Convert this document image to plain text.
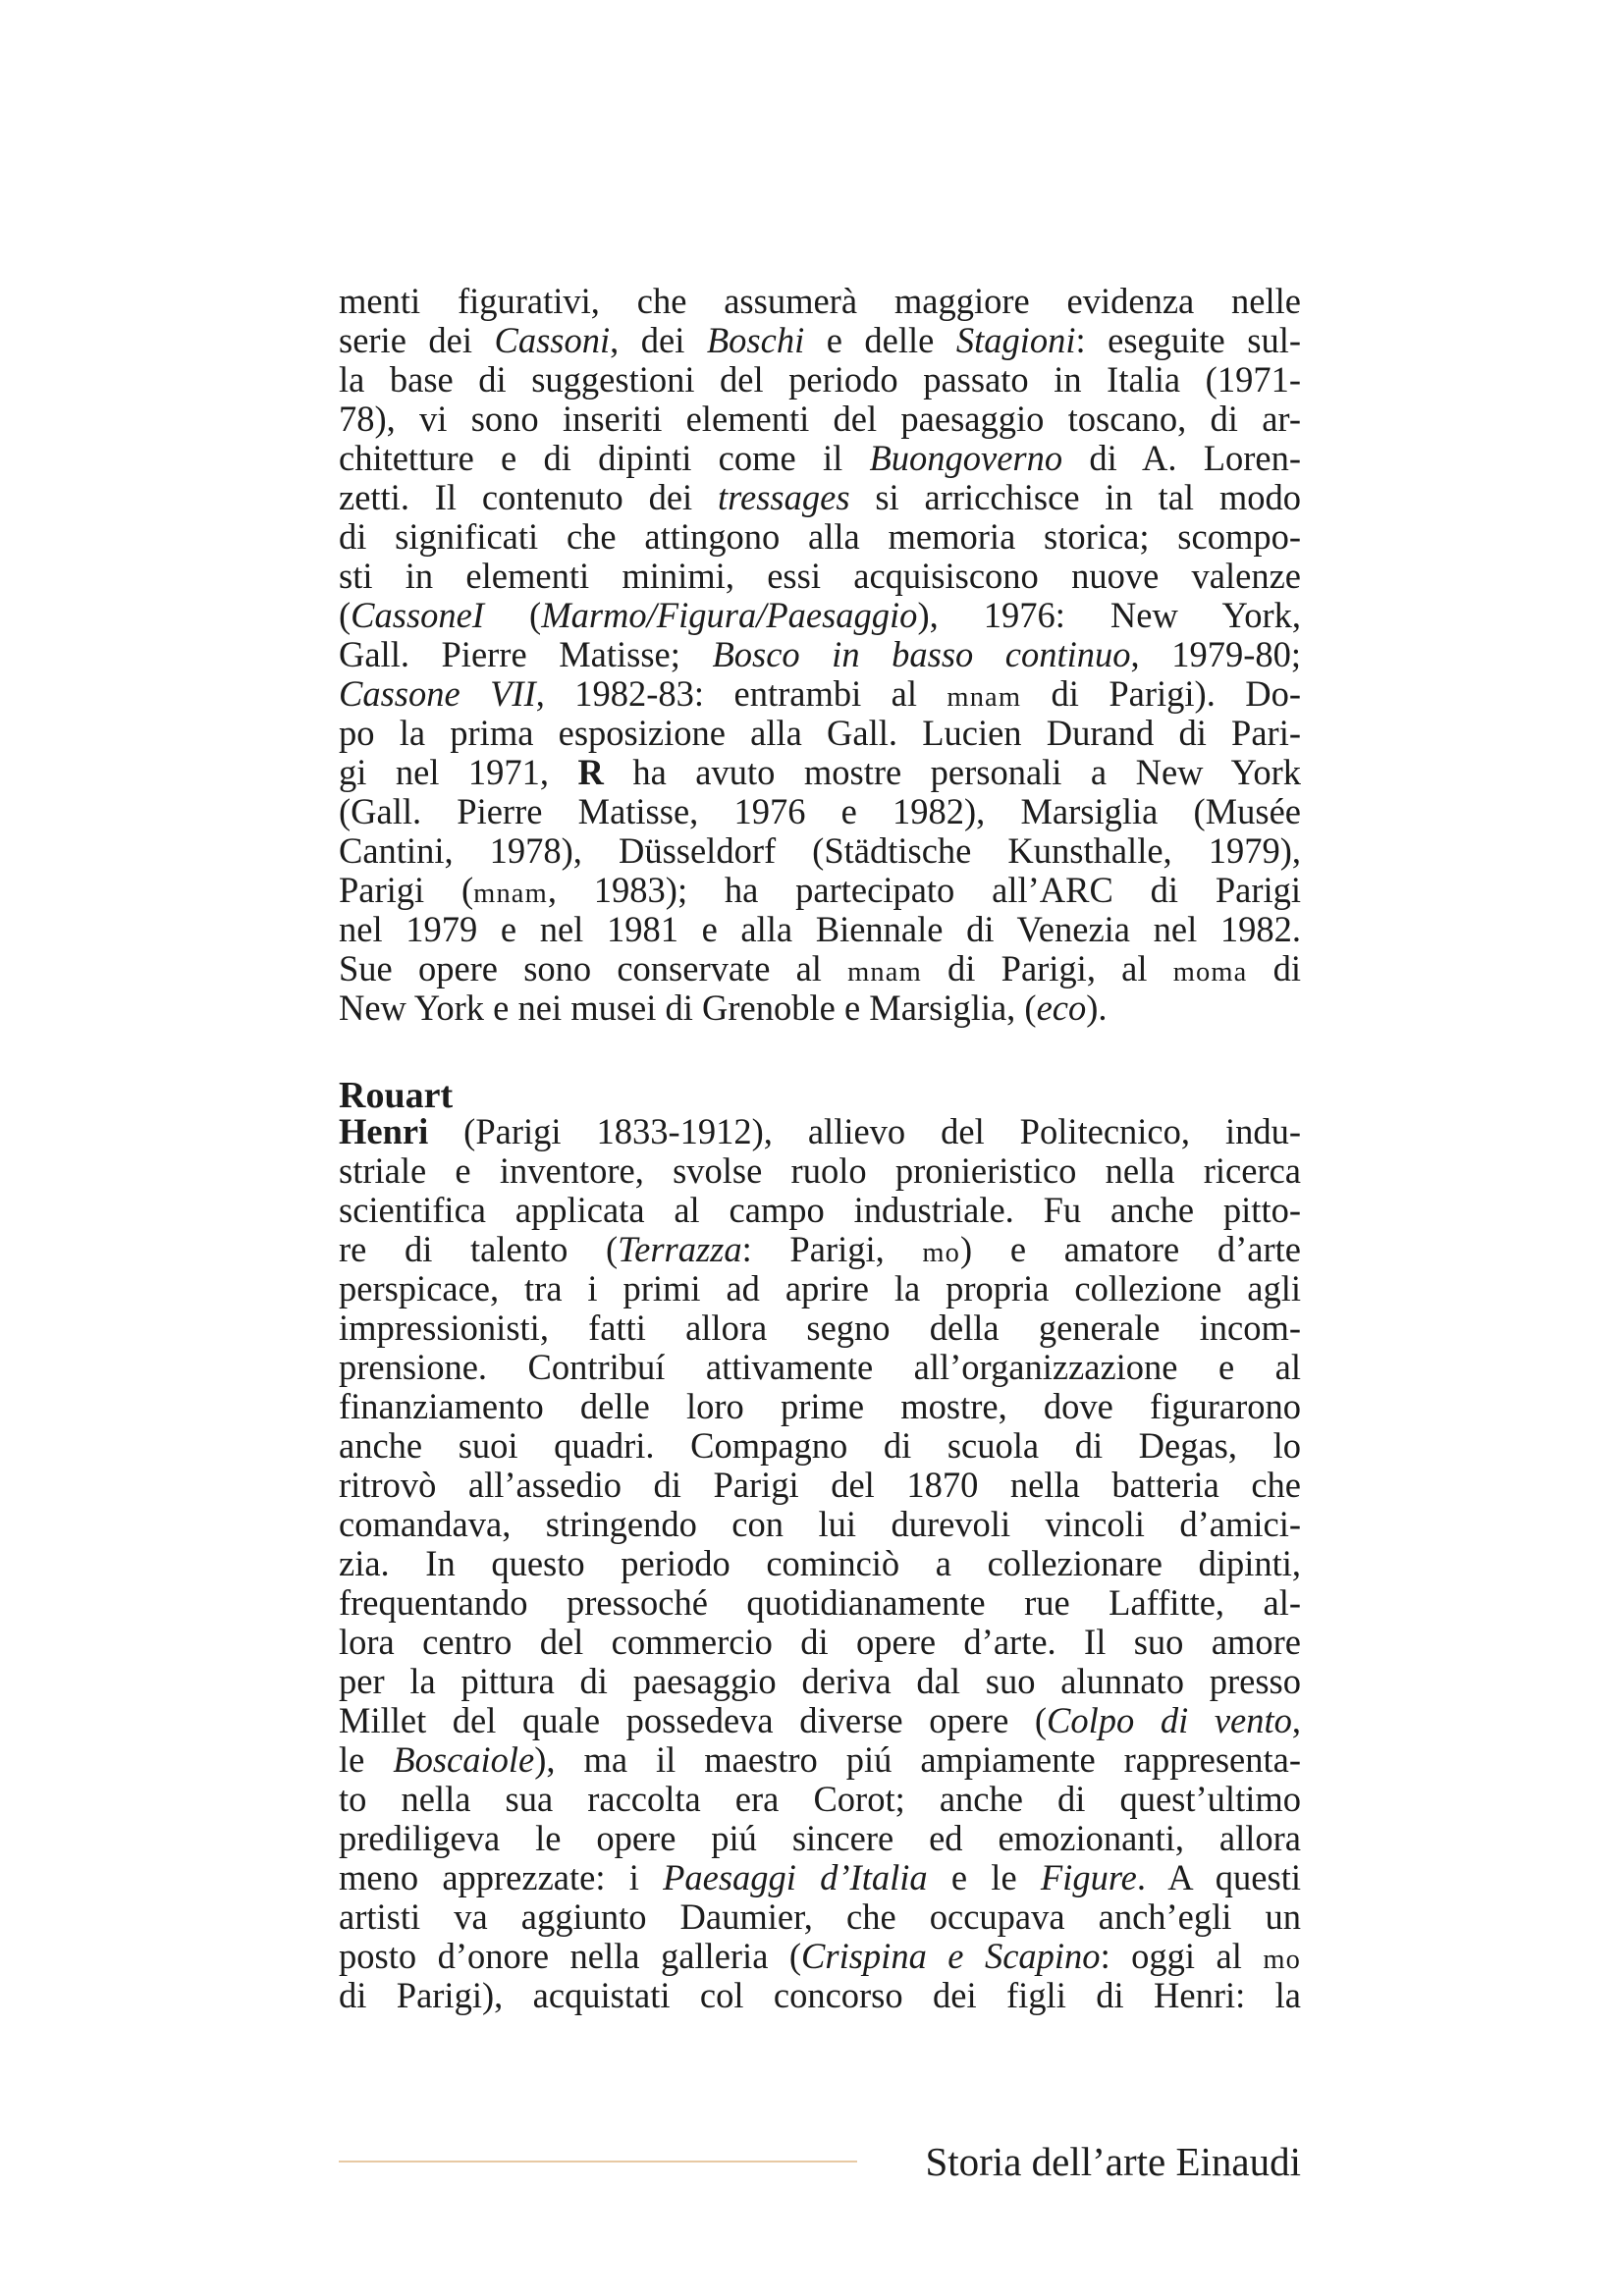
menti figurativi, che assumerà maggiore evidenza nelle
serie dei Cassoni, dei Boschi e delle Stagioni: eseguite sul-
la base di suggestioni del periodo passato in Italia (1971-
78), vi sono inseriti elementi del paesaggio toscano, di ar-
chitetture e di dipinti come il Buongoverno di A. Loren-
zetti. Il contenuto dei tressages si arricchisce in tal modo
di significati che attingono alla memoria storica; scompo-
sti in elementi minimi, essi acquisiscono nuove valenze
(CassoneI (Marmo/Figura/Paesaggio), 1976: New York,
Gall. Pierre Matisse; Bosco in basso continuo, 1979-80;
Cassone VII, 1982-83: entrambi al mnam di Parigi). Do-
po la prima esposizione alla Gall. Lucien Durand di Pari-
gi nel 1971, R ha avuto mostre personali a New York
(Gall. Pierre Matisse, 1976 e 1982), Marsiglia (Musée
Cantini, 1978), Düsseldorf (Städtische Kunsthalle, 1979),
Parigi (mnam, 1983); ha partecipato all’ARC di Parigi
nel 1979 e nel 1981 e alla Biennale di Venezia nel 1982.
Sue opere sono conservate al mnam di Parigi, al moma di
New York e nei musei di Grenoble e Marsiglia, (eco).
Rouart
Henri (Parigi 1833-1912), allievo del Politecnico, indu-
striale e inventore, svolse ruolo pronieristico nella ricerca
scientifica applicata al campo industriale. Fu anche pitto-
re di talento (Terrazza: Parigi, mo) e amatore d’arte
perspicace, tra i primi ad aprire la propria collezione agli
impressionisti, fatti allora segno della generale incom-
prensione. Contribuí attivamente all’organizzazione e al
finanziamento delle loro prime mostre, dove figurarono
anche suoi quadri. Compagno di scuola di Degas, lo
ritrovò all’assedio di Parigi del 1870 nella batteria che
comandava, stringendo con lui durevoli vincoli d’amici-
zia. In questo periodo cominciò a collezionare dipinti,
frequentando pressoché quotidianamente rue Laffitte, al-
lora centro del commercio di opere d’arte. Il suo amore
per la pittura di paesaggio deriva dal suo alunnato presso
Millet del quale possedeva diverse opere (Colpo di vento,
le Boscaiole), ma il maestro piú ampiamente rappresenta-
to nella sua raccolta era Corot; anche di quest’ultimo
prediligeva le opere piú sincere ed emozionanti, allora
meno apprezzate: i Paesaggi d’Italia e le Figure. A questi
artisti va aggiunto Daumier, che occupava anch’egli un
posto d’onore nella galleria (Crispina e Scapino: oggi al mo
di Parigi), acquistati col concorso dei figli di Henri: la
Storia dell’arte Einaudi
